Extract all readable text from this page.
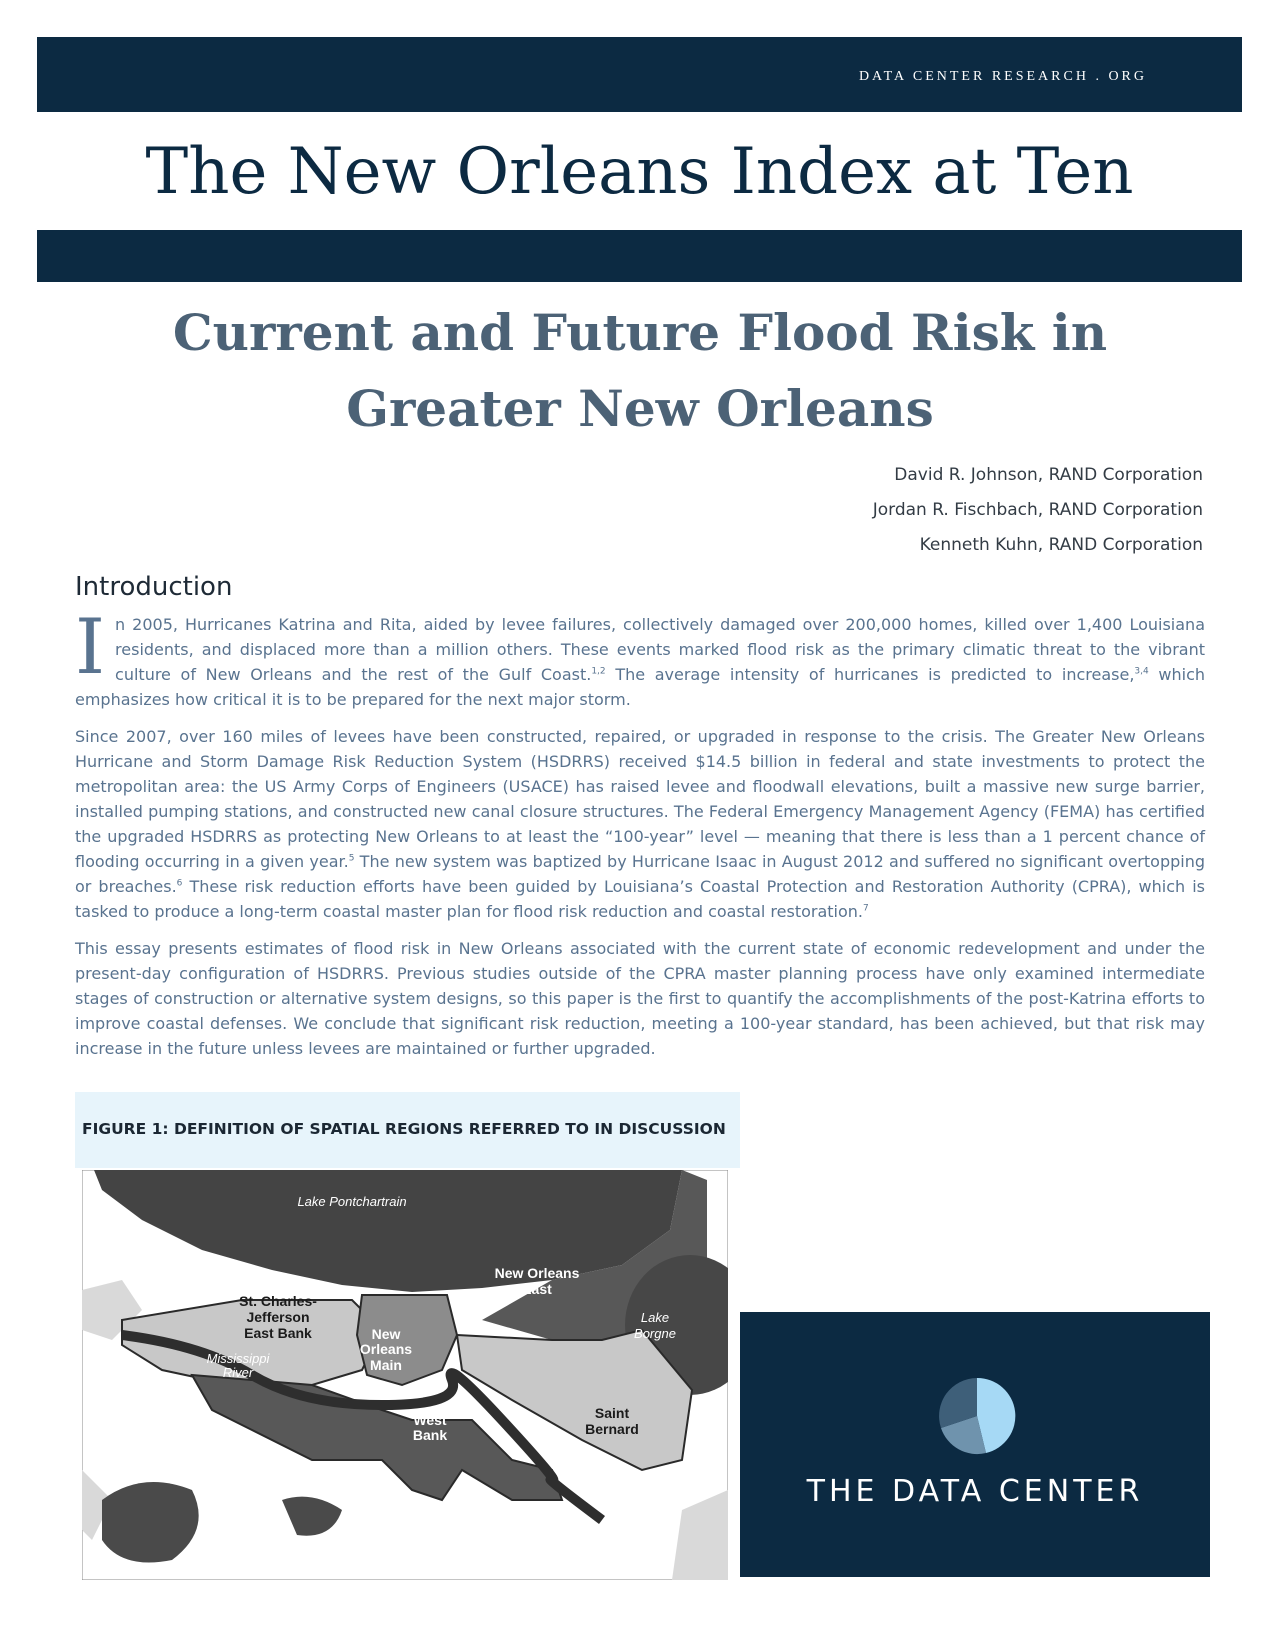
DATA CENTER RESEARCH . ORG
The New Orleans Index at Ten
Current and Future Flood Risk in Greater New Orleans
David R. Johnson, RAND Corporation
Jordan R. Fischbach, RAND Corporation
Kenneth Kuhn, RAND Corporation
Introduction

In 2005, Hurricanes Katrina and Rita, aided by levee failures, collectively damaged over 200,000 homes, killed over 1,400 Louisiana residents, and displaced more than a million others. These events marked flood risk as the primary climatic threat to the vibrant culture of New Orleans and the rest of the Gulf Coast.$^{1,2}$ The average intensity of hurricanes is predicted to increase,$^{3,4}$ which emphasizes how critical it is to be prepared for the next major storm.

Since 2007, over 160 miles of levees have been constructed, repaired, or upgraded in response to the crisis. The Greater New Orleans Hurricane and Storm Damage Risk Reduction System (HSDRRS) received $14.5 billion in federal and state investments to protect the metropolitan area: the US Army Corps of Engineers (USACE) has raised levee and floodwall elevations, built a massive new surge barrier, installed pumping stations, and constructed new canal closure structures. The Federal Emergency Management Agency (FEMA) has certified the upgraded HSDRRS as protecting New Orleans to at least the “100-year” level — meaning that there is less than a 1 percent chance of flooding occurring in a given year.$^5$ The new system was baptized by Hurricane Isaac in August 2012 and suffered no significant overtopping or breaches.$^6$ These risk reduction efforts have been guided by Louisiana’s Coastal Protection and Restoration Authority (CPRA), which is tasked to produce a long-term coastal master plan for flood risk reduction and coastal restoration.$^7$

This essay presents estimates of flood risk in New Orleans associated with the current state of economic redevelopment and under the present-day configuration of HSDRRS. Previous studies outside of the CPRA master planning process have only examined intermediate stages of construction or alternative system designs, so this paper is the first to quantify the accomplishments of the post-Katrina efforts to improve coastal defenses. We conclude that significant risk reduction, meeting a 100-year standard, has been achieved, but that risk may increase in the future unless levees are maintained or further upgraded.

FIGURE 1: DEFINITION OF SPATIAL REGIONS REFERRED TO IN DISCUSSION

Lake Pontchartrain
New Orleans
East
Lake
Borgne
St. Charles-
Jefferson
East Bank	New
Orleans
Main
Mississippi
River
West
Bank
Saint
Bernard
THE DATA CENTER
